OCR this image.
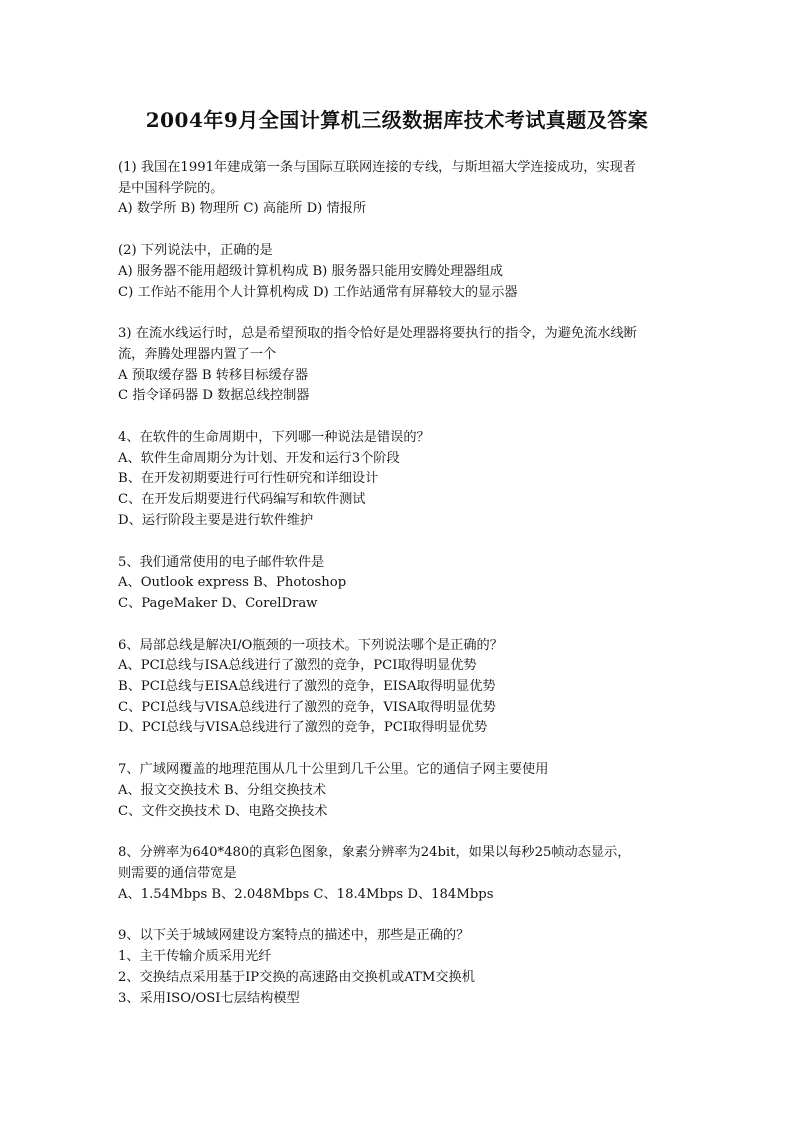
2004年9月全国计算机三级数据库技术考试真题及答案
(1) 我国在1991年建成第一条与国际互联网连接的专线，与斯坦福大学连接成功，实现者
是中国科学院的。
A) 数学所 B) 物理所 C) 高能所 D) 情报所
(2) 下列说法中，正确的是
A) 服务器不能用超级计算机构成 B) 服务器只能用安腾处理器组成
C) 工作站不能用个人计算机构成 D) 工作站通常有屏幕较大的显示器
3) 在流水线运行时，总是希望预取的指令恰好是处理器将要执行的指令，为避免流水线断
流，奔腾处理器内置了一个
A 预取缓存器 B 转移目标缓存器
C 指令译码器 D 数据总线控制器
4、在软件的生命周期中，下列哪一种说法是错误的？
A、软件生命周期分为计划、开发和运行3个阶段
B、在开发初期要进行可行性研究和详细设计
C、在开发后期要进行代码编写和软件测试
D、运行阶段主要是进行软件维护
5、我们通常使用的电子邮件软件是
A、Outlook express B、Photoshop
C、PageMaker D、CorelDraw
6、局部总线是解决I/O瓶颈的一项技术。下列说法哪个是正确的？
A、PCI总线与ISA总线进行了激烈的竞争，PCI取得明显优势
B、PCI总线与EISA总线进行了激烈的竞争，EISA取得明显优势
C、PCI总线与VISA总线进行了激烈的竞争，VISA取得明显优势
D、PCI总线与VISA总线进行了激烈的竞争，PCI取得明显优势
7、广域网覆盖的地理范围从几十公里到几千公里。它的通信子网主要使用
A、报文交换技术 B、分组交换技术
C、文件交换技术 D、电路交换技术
8、分辨率为640*480的真彩色图象，象素分辨率为24bit，如果以每秒25帧动态显示，
则需要的通信带宽是
A、1.54Mbps B、2.048Mbps C、18.4Mbps D、184Mbps
9、以下关于城域网建设方案特点的描述中，那些是正确的？
1、主干传输介质采用光纤
2、交换结点采用基于IP交换的高速路由交换机或ATM交换机
3、采用ISO/OSI七层结构模型
